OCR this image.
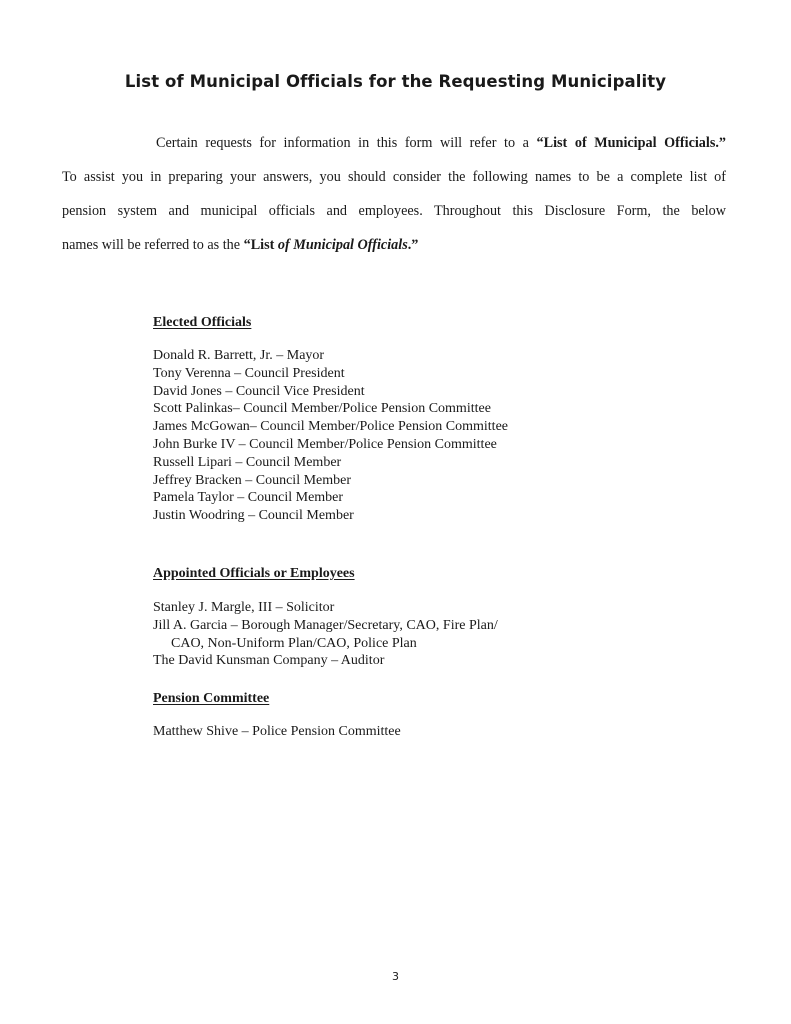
List of Municipal Officials for the Requesting Municipality

Certain requests for information in this form will refer to a “List of Municipal Officials.”

To assist you in preparing your answers, you should consider the following names to be a complete list of

pension system and municipal officials and employees. Throughout this Disclosure Form, the below

names will be referred to as the “List of Municipal Officials.”

Elected Officials
Donald R. Barrett, Jr. – Mayor
Tony Verenna – Council President
David Jones – Council Vice President
Scott Palinkas– Council Member/Police Pension Committee
James McGowan– Council Member/Police Pension Committee
John Burke IV – Council Member/Police Pension Committee
Russell Lipari – Council Member
Jeffrey Bracken – Council Member
Pamela Taylor – Council Member
Justin Woodring – Council Member
Appointed Officials or Employees
Stanley J. Margle, III – Solicitor
Jill A. Garcia – Borough Manager/Secretary, CAO, Fire Plan/
CAO, Non-Uniform Plan/CAO, Police Plan
The David Kunsman Company – Auditor
Pension Committee
Matthew Shive – Police Pension Committee
3
